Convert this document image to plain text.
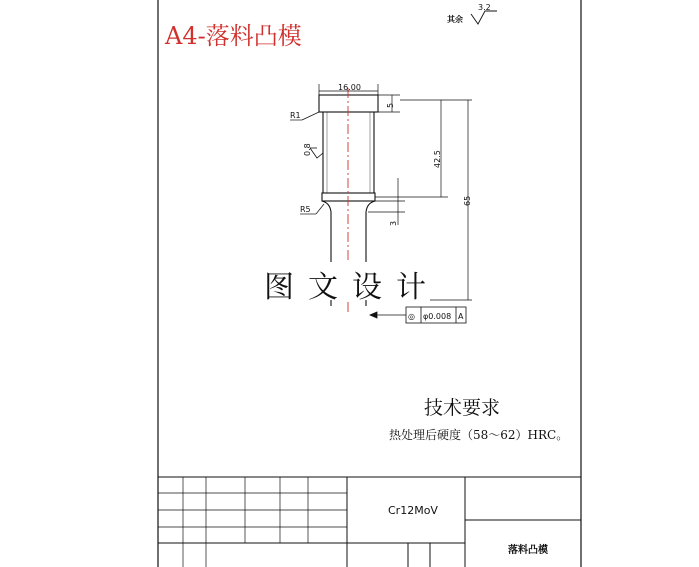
A4-落料凸模
3.2
16.00
R1
0.8
R5
5
42.5
3
65
◎ φ0.008 A
其余
图文设计
技术要求
热处理后硬度（58～62）HRC。
Cr12MoV
落料凸模
